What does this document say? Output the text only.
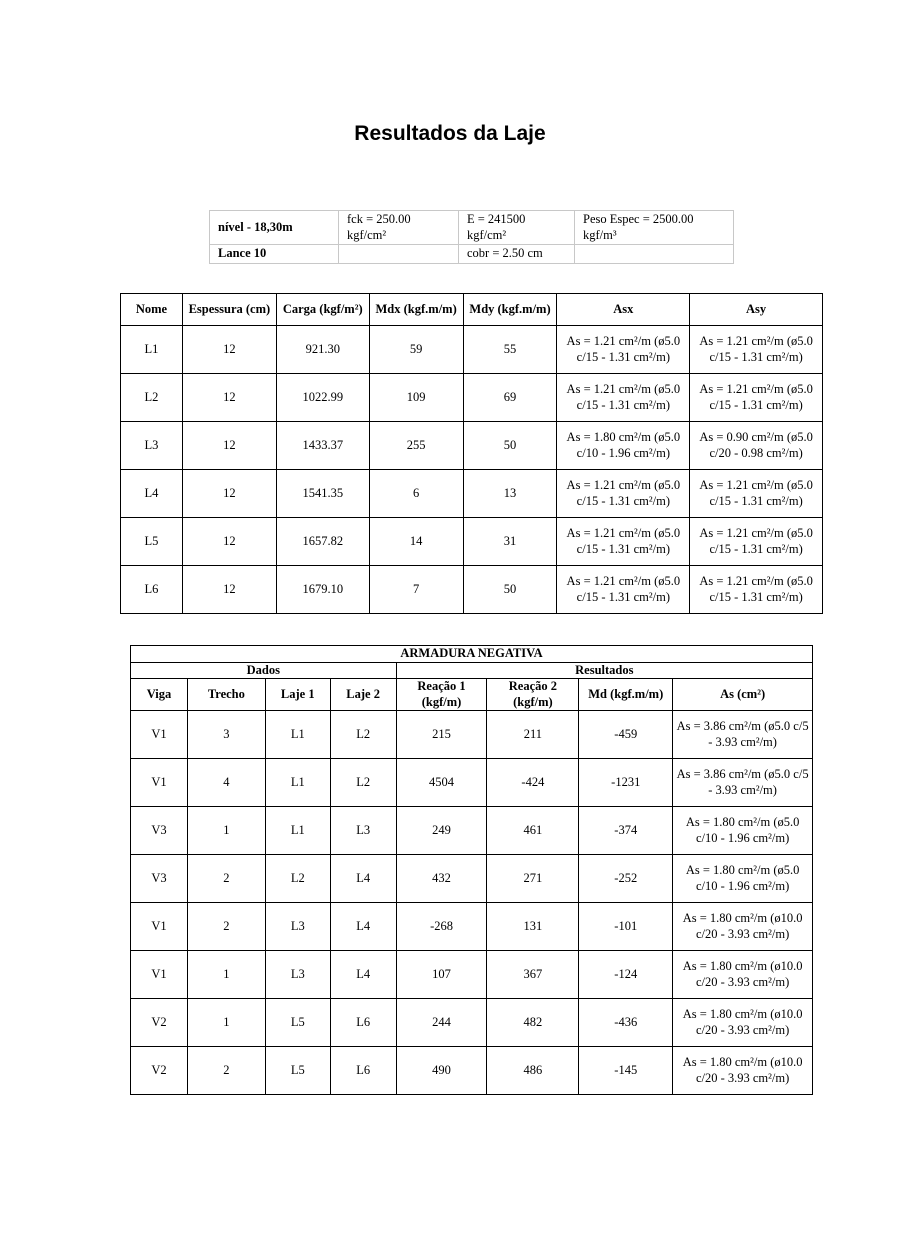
Resultados da Laje
nível - 18,30m	fck = 250.00 kgf/cm²	E = 241500 kgf/cm²	Peso Espec = 2500.00 kgf/m³
Lance 10		cobr = 2.50 cm	
Nome	Espessura (cm)	Carga (kgf/m²)	Mdx (kgf.m/m)	Mdy (kgf.m/m)	Asx	Asy
L1	12	921.30	59	55	As = 1.21 cm²/m (ø5.0 c/15 - 1.31 cm²/m)	As = 1.21 cm²/m (ø5.0 c/15 - 1.31 cm²/m)
L2	12	1022.99	109	69	As = 1.21 cm²/m (ø5.0 c/15 - 1.31 cm²/m)	As = 1.21 cm²/m (ø5.0 c/15 - 1.31 cm²/m)
L3	12	1433.37	255	50	As = 1.80 cm²/m (ø5.0 c/10 - 1.96 cm²/m)	As = 0.90 cm²/m (ø5.0 c/20 - 0.98 cm²/m)
L4	12	1541.35	6	13	As = 1.21 cm²/m (ø5.0 c/15 - 1.31 cm²/m)	As = 1.21 cm²/m (ø5.0 c/15 - 1.31 cm²/m)
L5	12	1657.82	14	31	As = 1.21 cm²/m (ø5.0 c/15 - 1.31 cm²/m)	As = 1.21 cm²/m (ø5.0 c/15 - 1.31 cm²/m)
L6	12	1679.10	7	50	As = 1.21 cm²/m (ø5.0 c/15 - 1.31 cm²/m)	As = 1.21 cm²/m (ø5.0 c/15 - 1.31 cm²/m)
ARMADURA NEGATIVA							
Dados				Resultados			
Viga	Trecho	Laje 1	Laje 2	Reação 1 (kgf/m)	Reação 2 (kgf/m)	Md (kgf.m/m)	As (cm²)
V1	3	L1	L2	215	211	-459	As = 3.86 cm²/m (ø5.0 c/5 - 3.93 cm²/m)
V1	4	L1	L2	4504	-424	-1231	As = 3.86 cm²/m (ø5.0 c/5 - 3.93 cm²/m)
V3	1	L1	L3	249	461	-374	As = 1.80 cm²/m (ø5.0 c/10 - 1.96 cm²/m)
V3	2	L2	L4	432	271	-252	As = 1.80 cm²/m (ø5.0 c/10 - 1.96 cm²/m)
V1	2	L3	L4	-268	131	-101	As = 1.80 cm²/m (ø10.0 c/20 - 3.93 cm²/m)
V1	1	L3	L4	107	367	-124	As = 1.80 cm²/m (ø10.0 c/20 - 3.93 cm²/m)
V2	1	L5	L6	244	482	-436	As = 1.80 cm²/m (ø10.0 c/20 - 3.93 cm²/m)
V2	2	L5	L6	490	486	-145	As = 1.80 cm²/m (ø10.0 c/20 - 3.93 cm²/m)
